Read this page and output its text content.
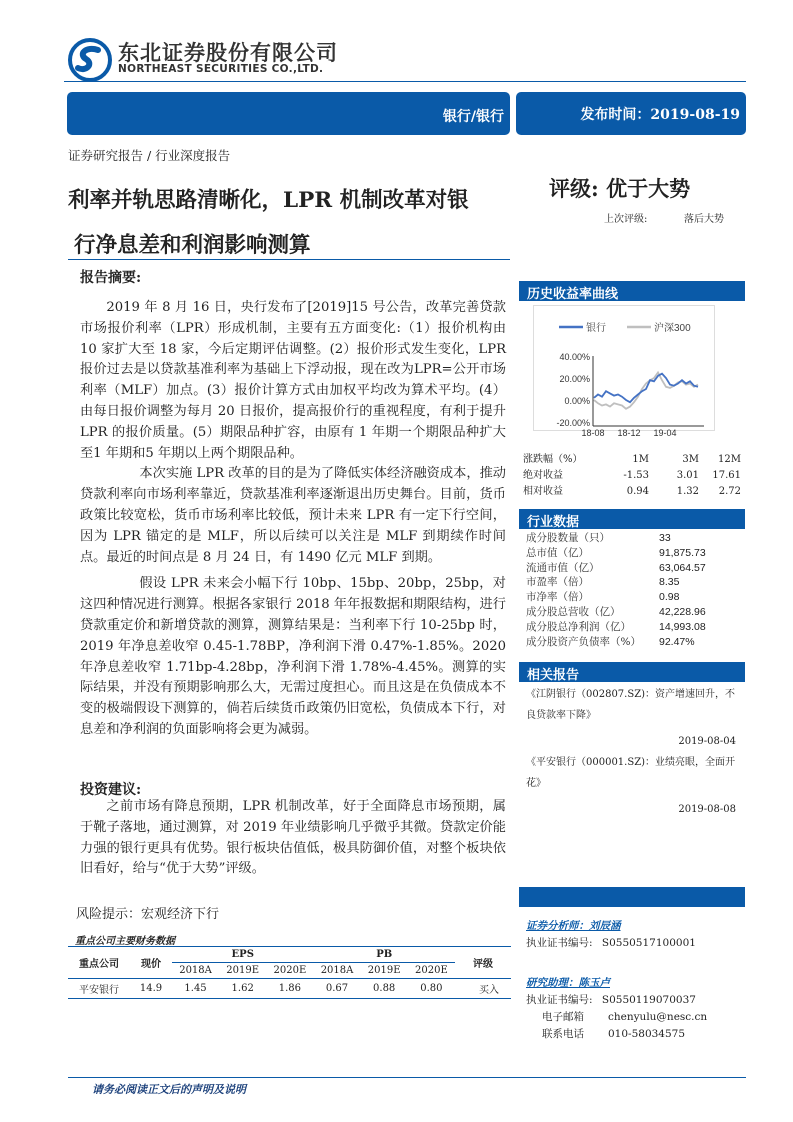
东北证券股份有限公司
NORTHEAST SECURITIES CO.,LTD.
银行/银行	发布时间：2019-08-19
证券研究报告 / 行业深度报告
利率并轨思路清晰化，LPR 机制改革对银
行净息差和利润影响测算
评级: 优于大势
上次评级:	落后大势
报告摘要:

2019 年 8 月 16 日，央行发布了[2019]15 号公告，改革完善贷款市场报价利率（LPR）形成机制，主要有五方面变化:（1）报价机构由 10 家扩大至 18 家，今后定期评估调整。(2）报价形式发生变化，LPR 报价过去是以贷款基准利率为基础上下浮动报，现在改为LPR=公开市场利率（MLF）加点。(3）报价计算方式由加权平均改为算术平均。(4）由每日报价调整为每月 20 日报价，提高报价行的重视程度，有利于提升 LPR 的报价质量。(5）期限品种扩容，由原有 1 年期一个期限品种扩大至1 年期和5 年期以上两个期限品种。

本次实施 LPR 改革的目的是为了降低实体经济融资成本，推动贷款利率向市场利率靠近，贷款基准利率逐渐退出历史舞台。目前，货币政策比较宽松，货币市场利率比较低，预计未来 LPR 有一定下行空间，因为 LPR 锚定的是 MLF，所以后续可以关注是 MLF 到期续作时间点。最近的时间点是 8 月 24 日，有 1490 亿元 MLF 到期。

假设 LPR 未来会小幅下行 10bp、15bp、20bp，25bp，对这四种情况进行测算。根据各家银行 2018 年年报数据和期限结构，进行贷款重定价和新增贷款的测算，测算结果是：当利率下行 10-25bp 时，2019 年净息差收窄 0.45-1.78BP，净利润下滑 0.47%-1.85%。2020 年净息差收窄 1.71bp-4.28bp，净利润下滑 1.78%-4.45%。测算的实际结果，并没有预期影响那么大，无需过度担心。而且这是在负债成本不变的极端假设下测算的，倘若后续货币政策仍旧宽松，负债成本下行，对息差和净利润的负面影响将会更为减弱。

投资建议:

之前市场有降息预期，LPR 机制改革，好于全面降息市场预期，属于靴子落地，通过测算，对 2019 年业绩影响几乎微乎其微。贷款定价能力强的银行更具有优势。银行板块估值低，极具防御价值，对整个板块依旧看好，给与“优于大势”评级。

风险提示：宏观经济下行
重点公司主要财务数据
重点公司	现价	EPS			PB			评级
		2018A	2019E	2020E	2018A	2019E	2020E	
平安银行	14.9	1.45	1.62	1.86	0.67	0.88	0.80	买入
历史收益率曲线
40.00%
20.00%
0.00%
-20.00%
18-08 18-12 19-04
银行	沪深300
涨跌幅（%）	1M	3M	12M
绝对收益	-1.53	3.01	17.61
相对收益	0.94	1.32	2.72
行业数据
成分股数量（只）	33
总市值（亿）	91,875.73
流通市值（亿）	63,064.57
市盈率（倍）	8.35
市净率（倍）	0.98
成分股总营收（亿）	42,228.96
成分股总净利润（亿）	14,993.08
成分股资产负债率（%）	92.47%
相关报告
《江阴银行（002807.SZ)：资产增速回升，不良贷款率下降》
2019-08-04
《平安银行（000001.SZ)：业绩亮眼，全面开花》
2019-08-08
证券分析师：刘辰涵
执业证书编号: S0550517100001
研究助理：陈玉卢
执业证书编号: S0550119070037
电子邮箱 chenyulu@nesc.cn
联系电话 010-58034575
请务必阅读正文后的声明及说明
